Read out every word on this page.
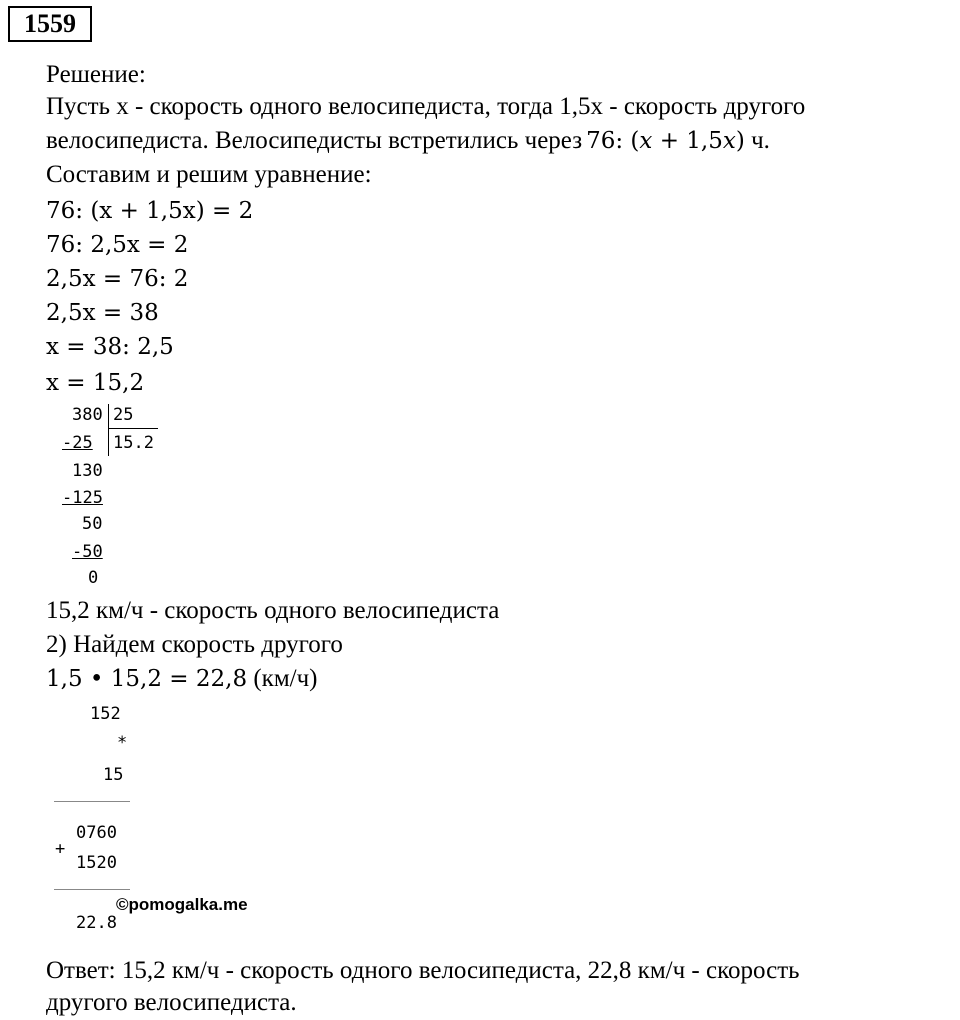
1559
Решение:
Пусть x - скорость одного велосипедиста, тогда 1,5x - скорость другого
велосипедиста. Велосипедисты встретились через 76: (x + 1,5x) ч.
Составим и решим уравнение:
76: (x + 1,5x) = 2
76: 2,5x = 2
2,5x = 76: 2
2,5x = 38
x = 38: 2,5
x = 15,2
380 25
15.2
-25
130
-125
50
-50
0
15,2 км/ч - скорость одного велосипедиста
2) Найдем скорость другого
1,5 • 15,2 = 22,8 (км/ч)
152
*
15
0760
+
1520
22.8
©pomogalka.me
Ответ: 15,2 км/ч - скорость одного велосипедиста, 22,8 км/ч - скорость
другого велосипедиста.
